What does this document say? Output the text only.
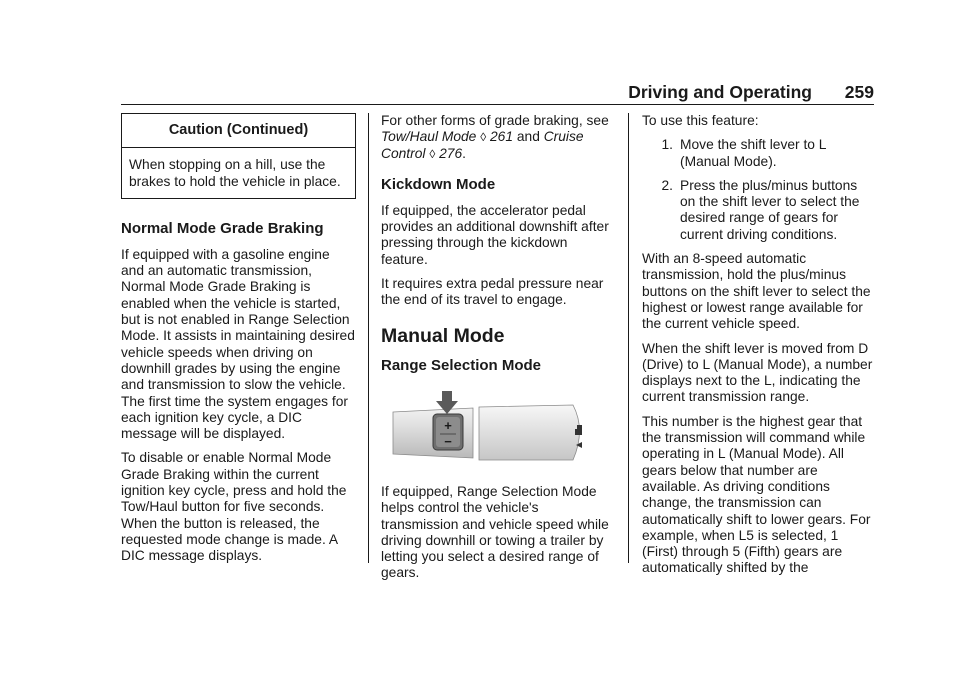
Driving and Operating 259
Caution (Continued)
When stopping on a hill, use the brakes to hold the vehicle in place.
Normal Mode Grade Braking

If equipped with a gasoline engine and an automatic transmission, Normal Mode Grade Braking is enabled when the vehicle is started, but is not enabled in Range Selection Mode. It assists in maintaining desired vehicle speeds when driving on downhill grades by using the engine and transmission to slow the vehicle. The first time the system engages for each ignition key cycle, a DIC message will be displayed.

To disable or enable Normal Mode Grade Braking within the current ignition key cycle, press and hold the Tow/Haul button for five seconds. When the button is released, the requested mode change is made. A DIC message displays.

For other forms of grade braking, see Tow/Haul Mode ◊ 261 and Cruise Control ◊ 276.

Kickdown Mode

If equipped, the accelerator pedal provides an additional downshift after pressing through the kickdown feature.

It requires extra pedal pressure near the end of its travel to engage.

Manual Mode
Range Selection Mode
+
−

If equipped, Range Selection Mode helps control the vehicle's transmission and vehicle speed while driving downhill or towing a trailer by letting you select a desired range of gears.

To use this feature:

1. Move the shift lever to L (Manual Mode).
2. Press the plus/minus buttons on the shift lever to select the desired range of gears for current driving conditions.

With an 8-speed automatic transmission, hold the plus/minus buttons on the shift lever to select the highest or lowest range available for the current vehicle speed.

When the shift lever is moved from D (Drive) to L (Manual Mode), a number displays next to the L, indicating the current transmission range.

This number is the highest gear that the transmission will command while operating in L (Manual Mode). All gears below that number are available. As driving conditions change, the transmission can automatically shift to lower gears. For example, when L5 is selected, 1 (First) through 5 (Fifth) gears are automatically shifted by the
